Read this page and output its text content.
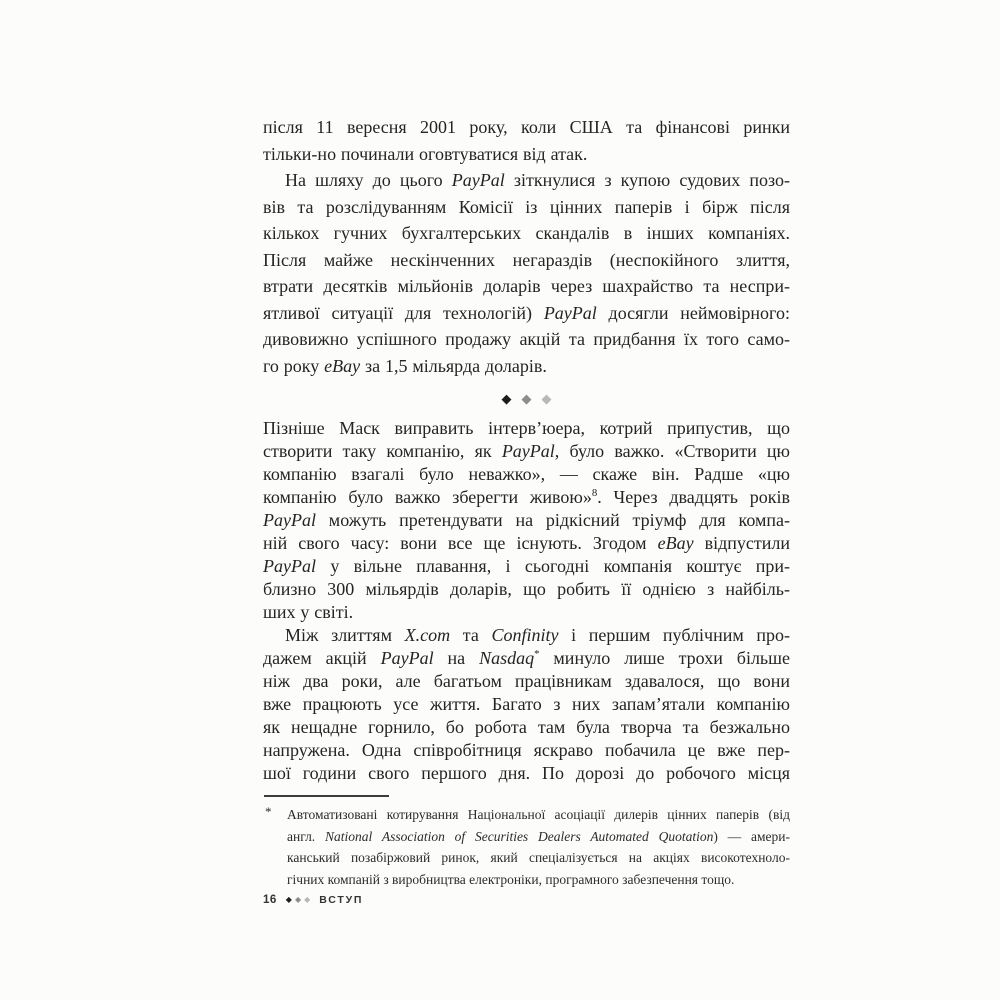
після 11 вересня 2001 року, коли США та фінансові ринки
тільки-но починали оговтуватися від атак.
На шляху до цього PayPal зіткнулися з купою судових позо-
вів та розслідуванням Комісії із цінних паперів і бірж після
кількох гучних бухгалтерських скандалів в інших компаніях.
Після майже нескінченних негараздів (неспокійного злиття,
втрати десятків мільйонів доларів через шахрайство та неспри-
ятливої ситуації для технологій) PayPal досягли неймовірного:
дивовижно успішного продажу акцій та придбання їх того само-
го року eBay за 1,5 мільярда доларів.
◆ ◆ ◆
Пізніше Маск виправить інтерв’юера, котрий припустив, що
створити таку компанію, як PayPal, було важко. «Створити цю
компанію взагалі було неважко», — скаже він. Радше «цю
компанію було важко зберегти живою»$^8$. Через двадцять років
PayPal можуть претендувати на рідкісний тріумф для компа-
ній свого часу: вони все ще існують. Згодом eBay відпустили
PayPal у вільне плавання, і сьогодні компанія коштує при-
близно 300 мільярдів доларів, що робить її однією з найбіль-
ших у світі.
Між злиттям X.com та Confinity і першим публічним про-
дажем акцій PayPal на Nasdaq* минуло лише трохи більше
ніж два роки, але багатьом працівникам здавалося, що вони
вже працюють усе життя. Багато з них запам’ятали компанію
як нещадне горнило, бо робота там була творча та безжально
напружена. Одна співробітниця яскраво побачила це вже пер-
шої години свого першого дня. По дорозі до робочого місця
* Автоматизовані котирування Національної асоціації дилерів цінних паперів (від
англ. National Association of Securities Dealers Automated Quotation) — амери-
канський позабіржовий ринок, який спеціалізується на акціях високотехноло-
гічних компаній з виробництва електроніки, програмного забезпечення тощо.
16 ◆ ◆ ◆ ВСТУП
